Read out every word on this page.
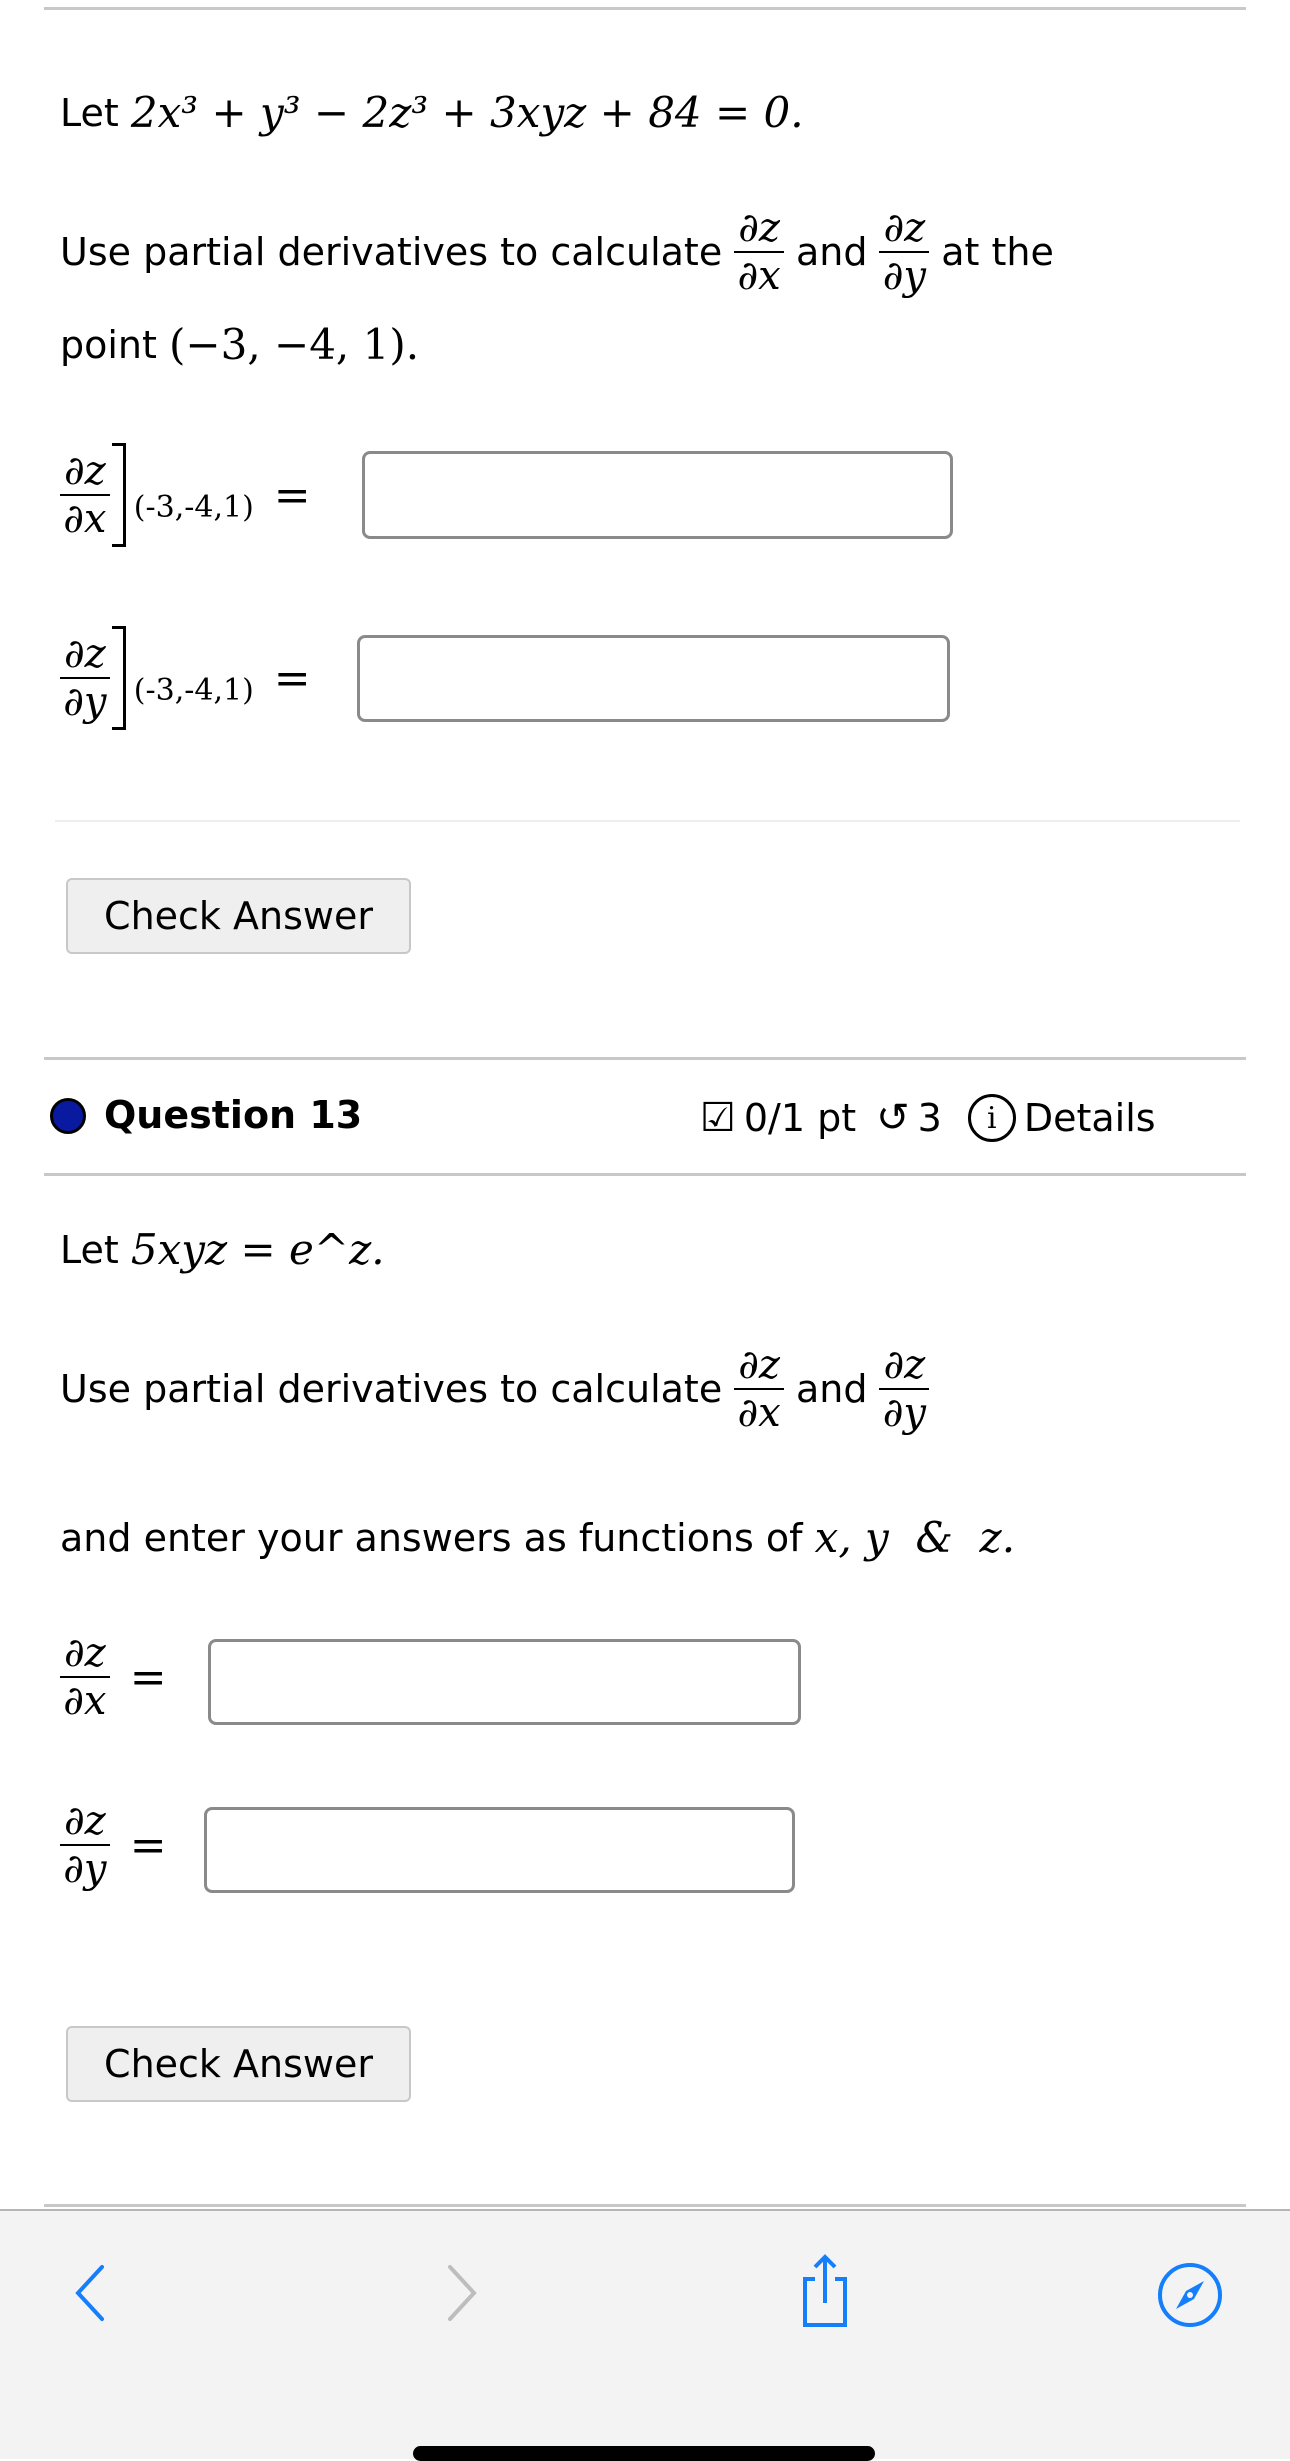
Let
2x³ + y³ − 2z³ + 3xyz + 84 = 0.
Use partial derivatives to calculate $\frac{\partial z}{\partial x}$ and $\frac{\partial z}{\partial y}$ at the
point
(−3, −4, 1).
$\frac{\partial z}{\partial x} (-3,-4,1)$ =
$\frac{\partial z}{\partial y} (-3,-4,1)$ =
Check Answer
Question 13	☑ 0/1 pt ↺ 3	i Details
Let
5xyz = e^z.
Use partial derivatives to calculate $\frac{\partial z}{\partial x}$ and $\frac{\partial z}{\partial y}$
and enter your answers as functions of
x, y  &  z.
$\frac{\partial z}{\partial x}$ =
$\frac{\partial z}{\partial y}$ =
Check Answer
